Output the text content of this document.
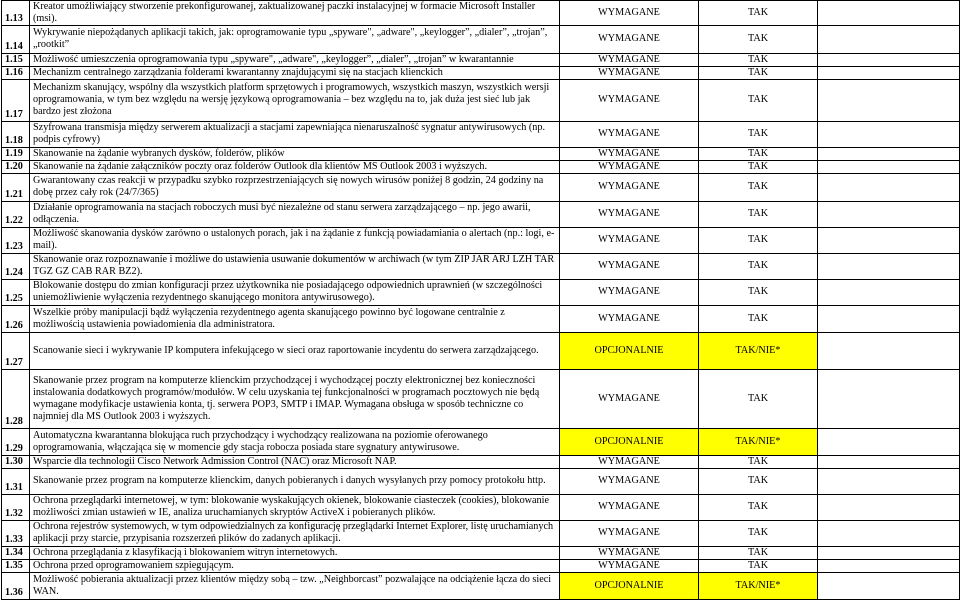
1.13	Kreator umożliwiający stworzenie prekonfigurowanej, zaktualizowanej paczki instalacyjnej w formacie Microsoft Installer (msi).	WYMAGANE	TAK	
1.14	Wykrywanie niepożądanych aplikacji takich, jak: oprogramowanie typu „spyware", „adware", „keylogger”, „dialer”, „trojan”, „rootkit”	WYMAGANE	TAK	
1.15	Możliwość umieszczenia oprogramowania typu „spyware", „adware", „keylogger”, „dialer”, „trojan” w kwarantannie	WYMAGANE	TAK	
1.16	Mechanizm centralnego zarządzania folderami kwarantanny znajdującymi się na stacjach klienckich	WYMAGANE	TAK	
1.17	Mechanizm skanujący, wspólny dla wszystkich platform sprzętowych i programowych, wszystkich maszyn, wszystkich wersji oprogramowania, w tym bez względu na wersję językową oprogramowania – bez względu na to, jak duża jest sieć lub jak bardzo jest złożona	WYMAGANE	TAK	
1.18	Szyfrowana transmisja między serwerem aktualizacji a stacjami zapewniająca nienaruszalność sygnatur antywirusowych (np. podpis cyfrowy)	WYMAGANE	TAK	
1.19	Skanowanie na żądanie wybranych dysków, folderów, plików	WYMAGANE	TAK	
1.20	Skanowanie na żądanie załączników poczty oraz folderów Outlook dla klientów MS Outlook 2003 i wyższych.	WYMAGANE	TAK	
1.21	Gwarantowany czas reakcji w przypadku szybko rozprzestrzeniających się nowych wirusów poniżej 8 godzin, 24 godziny na dobę przez cały rok (24/7/365)	WYMAGANE	TAK	
1.22	Działanie oprogramowania na stacjach roboczych musi być niezależne od stanu serwera zarządzającego – np. jego awarii, odłączenia.	WYMAGANE	TAK	
1.23	Możliwość skanowania dysków zarówno o ustalonych porach, jak i na żądanie z funkcją powiadamiania o alertach (np.: logi, e-mail).	WYMAGANE	TAK	
1.24	Skanowanie oraz rozpoznawanie i możliwe do ustawienia usuwanie dokumentów w archiwach (w tym ZIP JAR ARJ LZH TAR TGZ GZ CAB RAR BZ2).	WYMAGANE	TAK	
1.25	Blokowanie dostępu do zmian konfiguracji przez użytkownika nie posiadającego odpowiednich uprawnień (w szczególności uniemożliwienie wyłączenia rezydentnego skanującego monitora antywirusowego).	WYMAGANE	TAK	
1.26	Wszelkie próby manipulacji bądź wyłączenia rezydentnego agenta skanującego powinno być logowane centralnie z możliwością ustawienia powiadomienia dla administratora.	WYMAGANE	TAK	
1.27	Scanowanie sieci i wykrywanie IP komputera infekującego w sieci oraz raportowanie incydentu do serwera zarządzającego.	OPCJONALNIE	TAK/NIE*	
1.28	Skanowanie przez program na komputerze klienckim przychodzącej i wychodzącej poczty elektronicznej bez konieczności instalowania dodatkowych programów/modułów. W celu uzyskania tej funkcjonalności w programach pocztowych nie będą wymagane modyfikacje ustawienia konta, tj. serwera POP3, SMTP i IMAP. Wymagana obsługa w sposób techniczne co najmniej dla MS Outlook 2003 i wyższych.	WYMAGANE	TAK	
1.29	Automatyczna kwarantanna blokująca ruch przychodzący i wychodzący realizowana na poziomie oferowanego oprogramowania, włączająca się w momencie gdy stacja robocza posiada stare sygnatury antywirusowe.	OPCJONALNIE	TAK/NIE*	
1.30	Wsparcie dla technologii Cisco Network Admission Control (NAC) oraz Microsoft NAP.	WYMAGANE	TAK	
1.31	Skanowanie przez program na komputerze klienckim, danych pobieranych i danych wysyłanych przy pomocy protokołu http.	WYMAGANE	TAK	
1.32	Ochrona przeglądarki internetowej, w tym: blokowanie wyskakujących okienek, blokowanie ciasteczek (cookies), blokowanie możliwości zmian ustawień w IE, analiza uruchamianych skryptów ActiveX i pobieranych plików.	WYMAGANE	TAK	
1.33	Ochrona rejestrów systemowych, w tym odpowiedzialnych za konfigurację przeglądarki Internet Explorer, listę uruchamianych aplikacji przy starcie, przypisania rozszerzeń plików do zadanych aplikacji.	WYMAGANE	TAK	
1.34	Ochrona przeglądania z klasyfikacją i blokowaniem witryn internetowych.	WYMAGANE	TAK	
1.35	Ochrona przed oprogramowaniem szpiegującym.	WYMAGANE	TAK	
1.36	Możliwość pobierania aktualizacji przez klientów między sobą – tzw. „Neighborcast” pozwalające na odciążenie łącza do sieci WAN.	OPCJONALNIE	TAK/NIE*	
